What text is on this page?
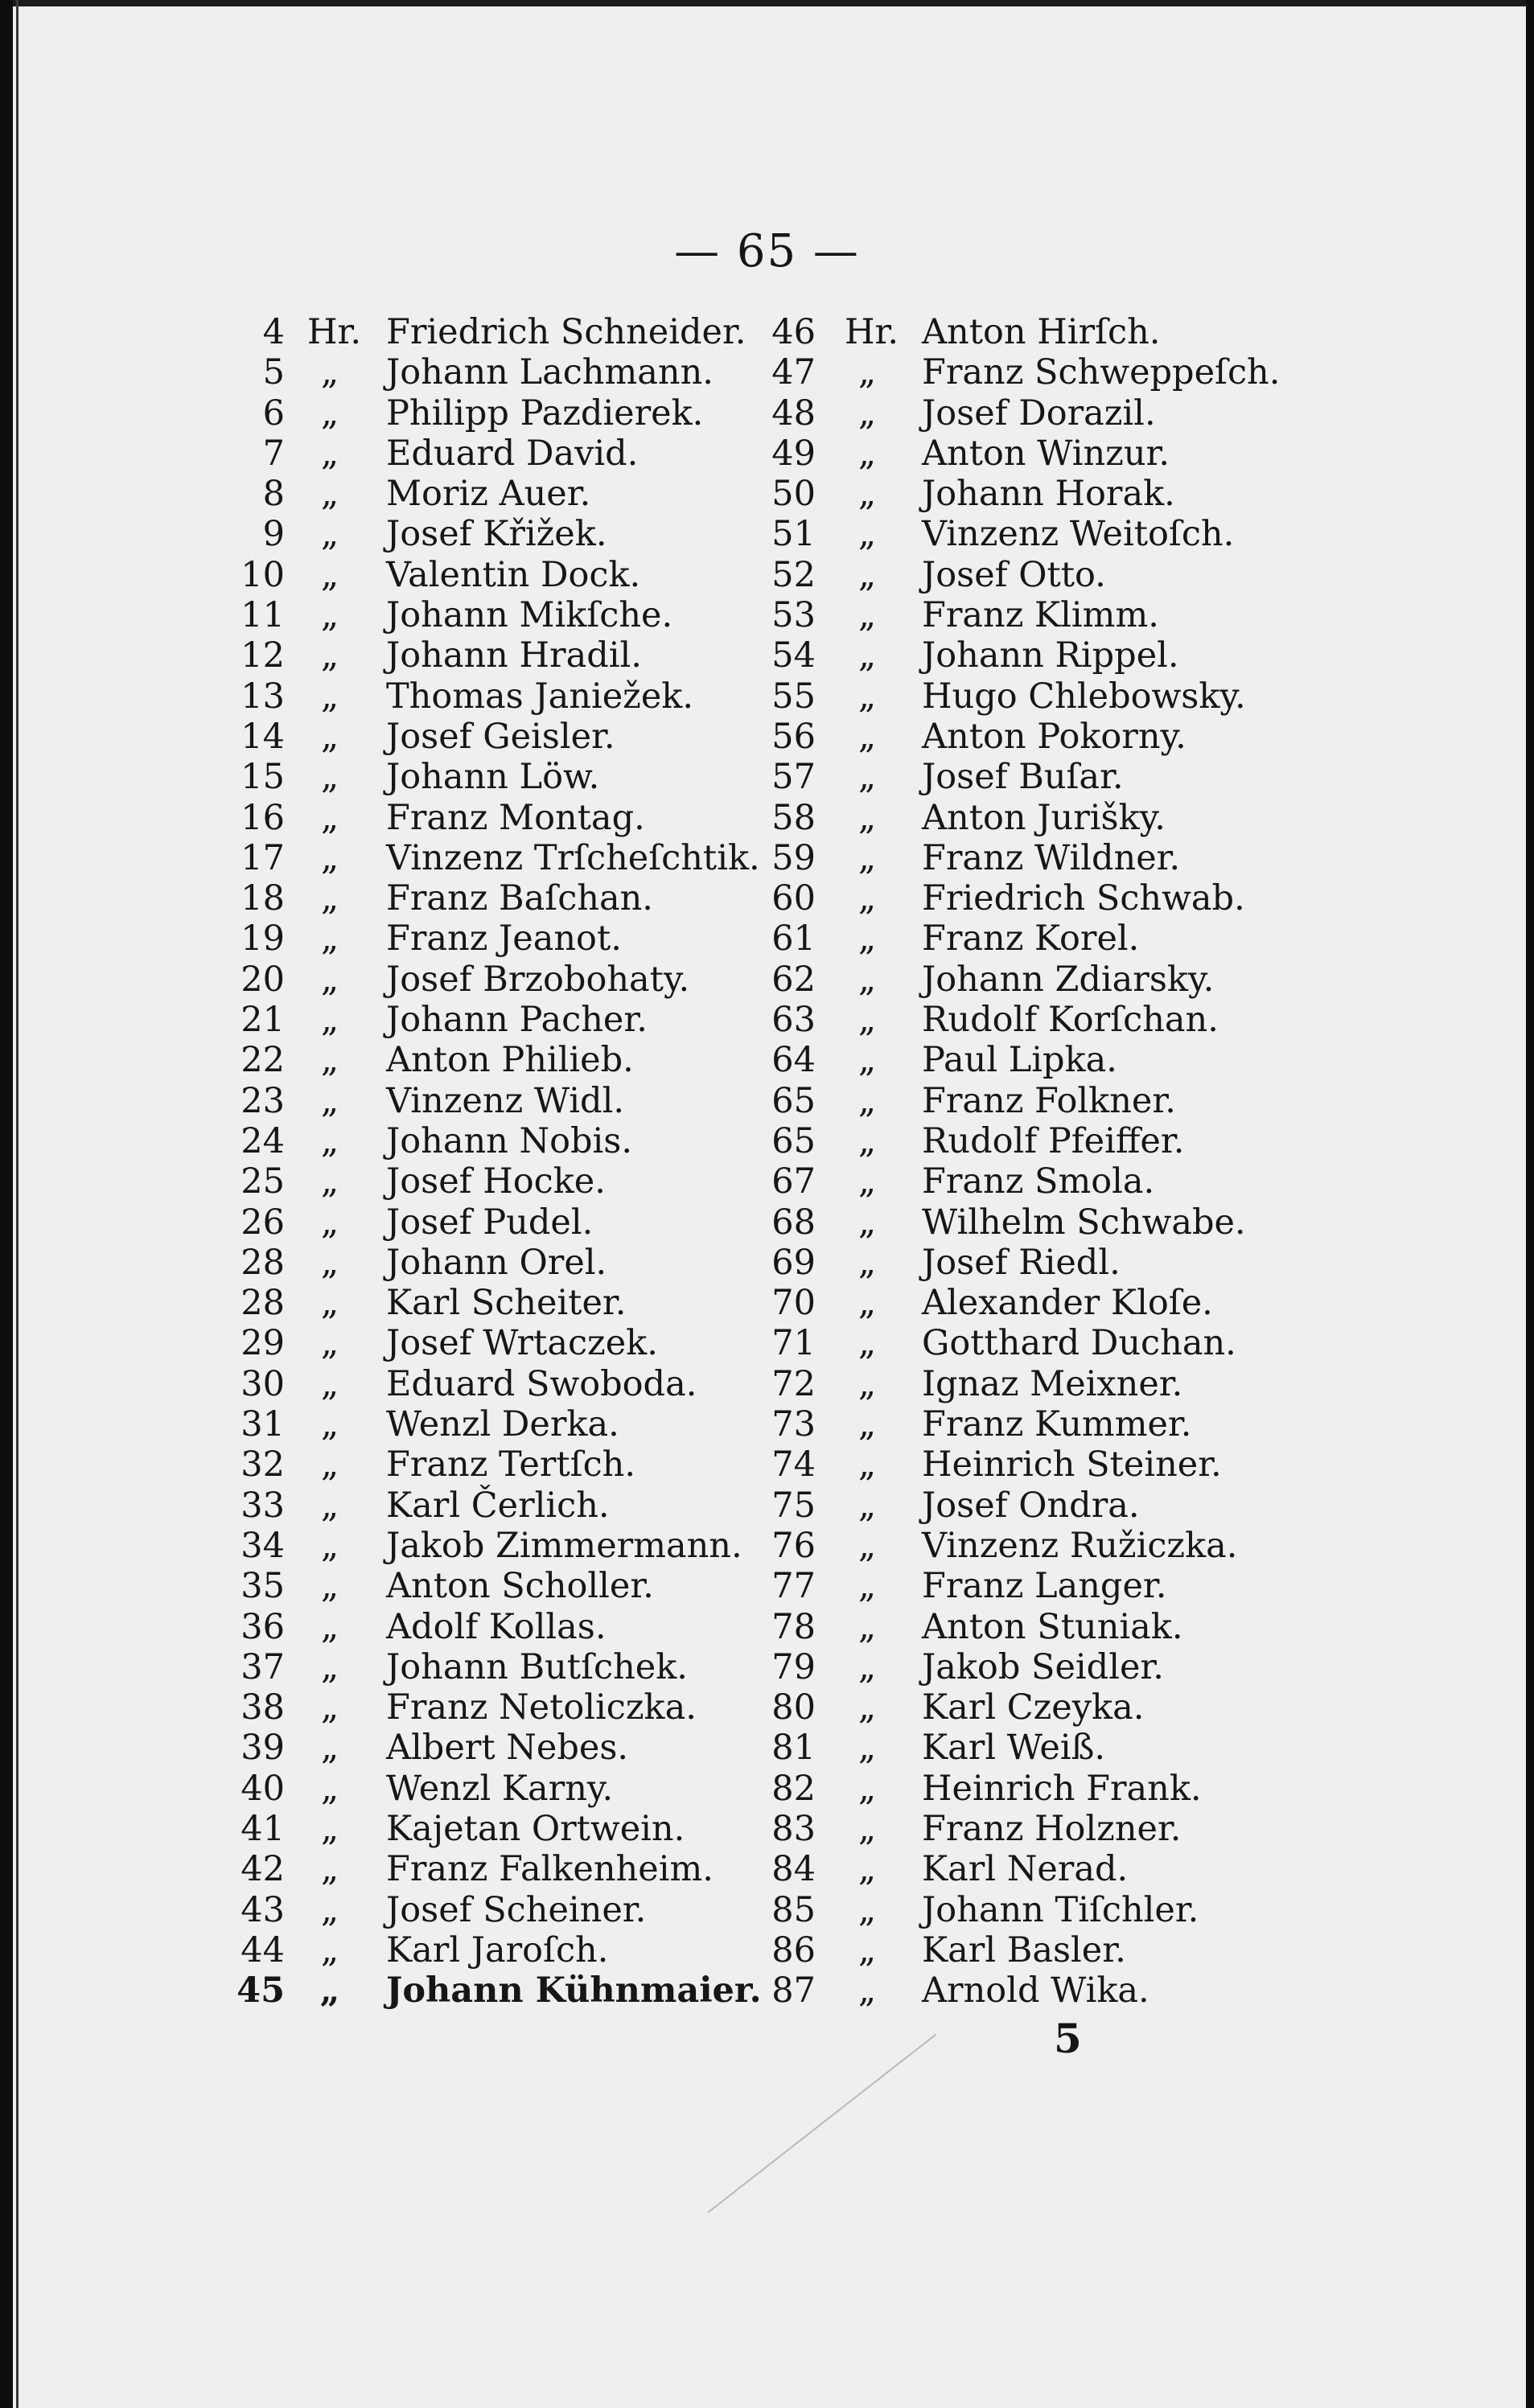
— 65 —
4 Hr. Friedrich Schneider.
5	„	Johann Lachmann.
6	„	Philipp Pazdierek.
7	„	Eduard David.
8	„	Moriz Auer.
9	„	Josef Křižek.
10	„	Valentin Dock.
11	„	Johann Mikſche.
12	„	Johann Hradil.
13	„	Thomas Janiežek.
14	„	Josef Geisler.
15	„	Johann Löw.
16	„	Franz Montag.
17	„	Vinzenz Trſcheſchtik.
18	„	Franz Baſchan.
19	„	Franz Jeanot.
20	„	Josef Brzobohaty.
21	„	Johann Pacher.
22	„	Anton Philieb.
23	„	Vinzenz Widl.
24	„	Johann Nobis.
25	„	Josef Hocke.
26	„	Josef Pudel.
28	„	Johann Orel.
28	„	Karl Scheiter.
29	„	Josef Wrtaczek.
30	„	Eduard Swoboda.
31	„	Wenzl Derka.
32	„	Franz Tertſch.
33	„	Karl Čerlich.
34	„	Jakob Zimmermann.
35	„	Anton Scholler.
36	„	Adolf Kollas.
37	„	Johann Butſchek.
38	„	Franz Netoliczka.
39	„	Albert Nebes.
40	„	Wenzl Karny.
41	„	Kajetan Ortwein.
42	„	Franz Falkenheim.
43	„	Josef Scheiner.
44	„	Karl Jaroſch.
45	„	Johann Kühnmaier.
46 Hr. Anton Hirſch.
47	„	Franz Schweppeſch.
48	„	Josef Dorazil.
49	„	Anton Winzur.
50	„	Johann Horak.
51	„	Vinzenz Weitoſch.
52	„	Josef Otto.
53	„	Franz Klimm.
54	„	Johann Rippel.
55	„	Hugo Chlebowsky.
56	„	Anton Pokorny.
57	„	Josef Buſar.
58	„	Anton Jurišky.
59	„	Franz Wildner.
60	„	Friedrich Schwab.
61	„	Franz Korel.
62	„	Johann Zdiarsky.
63	„	Rudolf Korſchan.
64	„	Paul Lipka.
65	„	Franz Folkner.
65	„	Rudolf Pfeiffer.
67	„	Franz Smola.
68	„	Wilhelm Schwabe.
69	„	Josef Riedl.
70	„	Alexander Kloſe.
71	„	Gotthard Duchan.
72	„	Ignaz Meixner.
73	„	Franz Kummer.
74	„	Heinrich Steiner.
75	„	Josef Ondra.
76	„	Vinzenz Ružiczka.
77	„	Franz Langer.
78	„	Anton Stuniak.
79	„	Jakob Seidler.
80	„	Karl Czeyka.
81	„	Karl Weiß.
82	„	Heinrich Frank.
83	„	Franz Holzner.
84	„	Karl Nerad.
85	„	Johann Tiſchler.
86	„	Karl Basler.
87	„	Arnold Wika.
5
